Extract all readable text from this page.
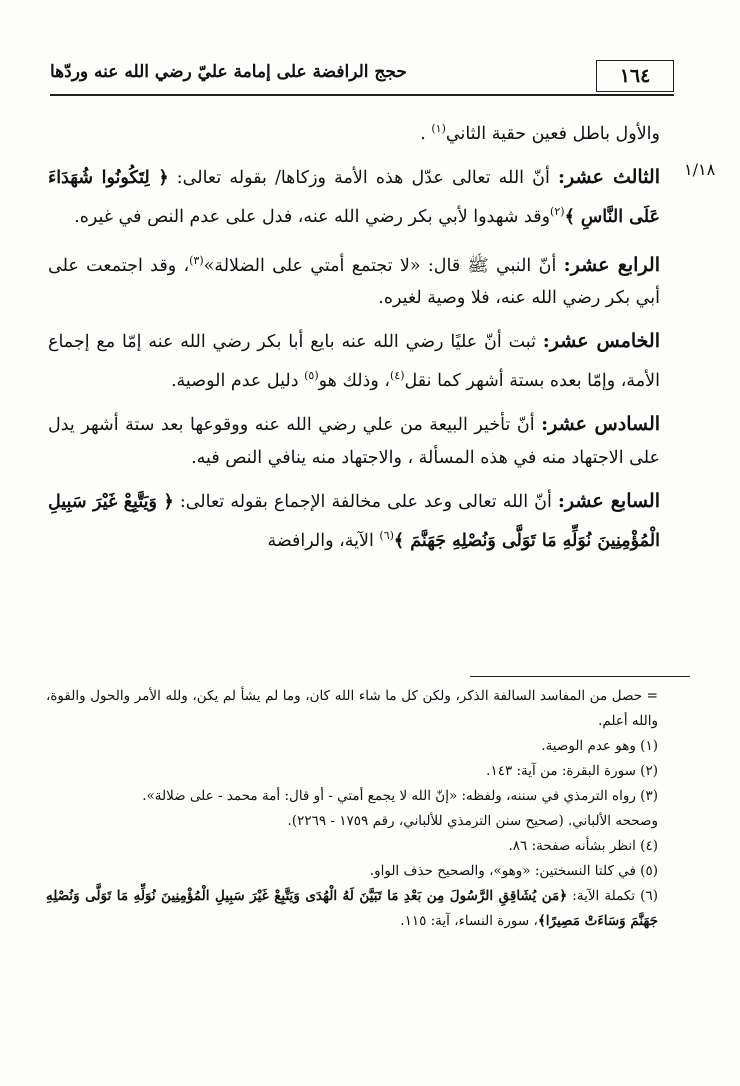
١٦٤
حجج الرافضة على إمامة عليّ رضي الله عنه وردّها
١/١٨

والأول باطل فعين حقية الثاني$^{(١)}$ .

الثالث عشر: أنّ الله تعالى عدّل هذه الأمة وزكاها/ بقوله تعالى: ﴿ لِتَكُونُوا شُهَدَاءَ عَلَى النَّاسِ ﴾$^{(٢)}$وقد شهدوا لأبي بكر رضي الله عنه، فدل على عدم النص في غيره.

الرابع عشر: أنّ النبي ﷺ قال: «لا تجتمع أمتي على الضلالة»$^{(٣)}$، وقد اجتمعت على أبي بكر رضي الله عنه، فلا وصية لغيره.

الخامس عشر: ثبت أنّ عليًا رضي الله عنه بايع أبا بكر رضي الله عنه إمّا مع إجماع الأمة، وإمّا بعده بستة أشهر كما نقل$^{(٤)}$، وذلك هو$^{(٥)}$ دليل عدم الوصية.

السادس عشر: أنّ تأخير البيعة من علي رضي الله عنه ووقوعها بعد ستة أشهر يدل على الاجتهاد منه في هذه المسألة ، والاجتهاد منه ينافي النص فيه.

السابع عشر: أنّ الله تعالى وعد على مخالفة الإجماع بقوله تعالى: ﴿ وَيَتَّبِعْ غَيْرَ سَبِيلِ الْمُؤْمِنِينَ نُوَلِّهِ مَا تَوَلَّى وَنُصْلِهِ جَهَنَّمَ ﴾$^{(٦)}$ الآية، والرافضة

= حصل من المفاسد السالفة الذكر، ولكن كل ما شاء الله كان، وما لم يشأ لم يكن، ولله الأمر والحول والقوة، والله أعلم.

(١) وهو عدم الوصية.

(٢) سورة البقرة: من آية: ١٤٣.

(٣) رواه الترمذي في سننه، ولفظه: «إنّ الله لا يجمع أمتي - أو قال: أمة محمد - على ضلالة».

وصححه الألباني. (صحيح سنن الترمذي للألباني، رقم ١٧٥٩ - ٢٢٦٩).

(٤) انظر بشأنه صفحة: ٨٦.

(٥) في كلتا النسختين: «وهو»، والصحيح حذف الواو.

(٦) تكملة الآية: ﴿مَن يُشَاقِقِ الرَّسُولَ مِن بَعْدِ مَا تَبَيَّنَ لَهُ الْهُدَى وَيَتَّبِعْ غَيْرَ سَبِيلِ الْمُؤْمِنِينَ نُوَلِّهِ مَا تَوَلَّى وَنُصْلِهِ جَهَنَّمَ وَسَاءَتْ مَصِيرًا﴾، سورة النساء، آية: ١١٥.
